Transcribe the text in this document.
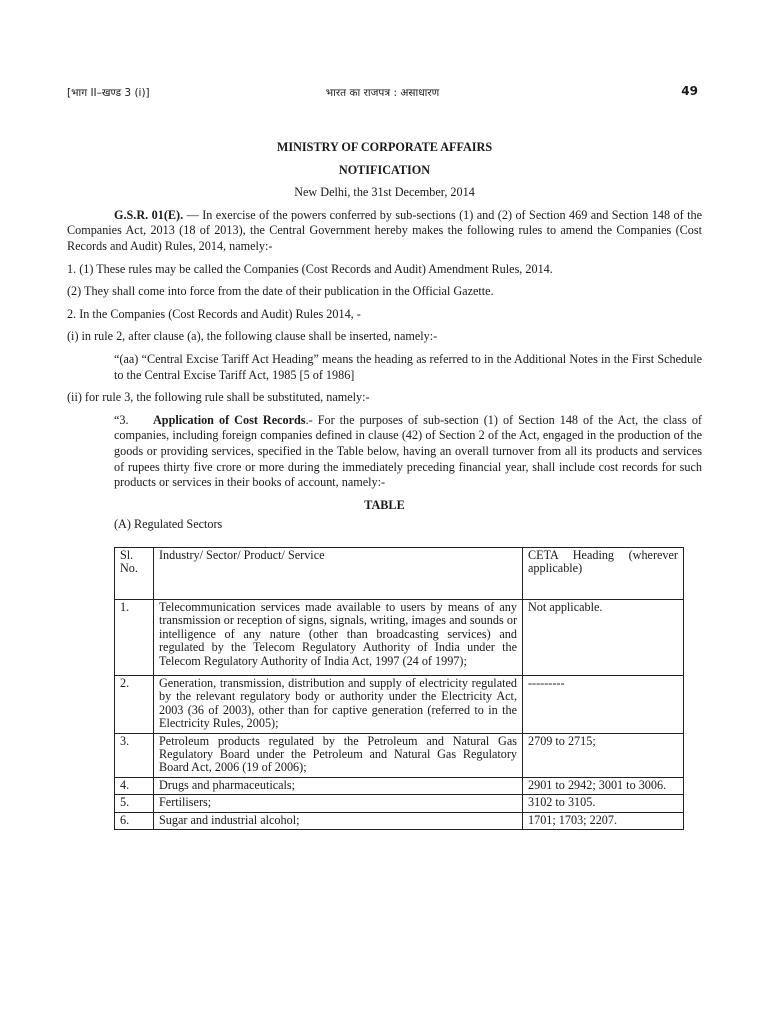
[भाग II–खण्ड 3 (i)]	भारत का राजपत्र : असाधारण	49

MINISTRY OF CORPORATE AFFAIRS

NOTIFICATION

New Delhi, the 31st December, 2014

G.S.R. 01(E). — In exercise of the powers conferred by sub-sections (1) and (2) of Section 469 and Section 148 of the Companies Act, 2013 (18 of 2013), the Central Government hereby makes the following rules to amend the Companies (Cost Records and Audit) Rules, 2014, namely:-

1. (1) These rules may be called the Companies (Cost Records and Audit) Amendment Rules, 2014.

(2) They shall come into force from the date of their publication in the Official Gazette.

2. In the Companies (Cost Records and Audit) Rules 2014, -

(i) in rule 2, after clause (a), the following clause shall be inserted, namely:-

“(aa) “Central Excise Tariff Act Heading” means the heading as referred to in the Additional Notes in the First Schedule to the Central Excise Tariff Act, 1985 [5 of 1986]

(ii) for rule 3, the following rule shall be substituted, namely:-

“3. Application of Cost Records.- For the purposes of sub-section (1) of Section 148 of the Act, the class of companies, including foreign companies defined in clause (42) of Section 2 of the Act, engaged in the production of the goods or providing services, specified in the Table below, having an overall turnover from all its products and services of rupees thirty five crore or more during the immediately preceding financial year, shall include cost records for such products or services in their books of account, namely:-

TABLE

(A) Regulated Sectors

Sl. No.	Industry/ Sector/ Product/ Service	CETA Heading (wherever applicable)
1.	Telecommunication services made available to users by means of any transmission or reception of signs, signals, writing, images and sounds or intelligence of any nature (other than broadcasting services) and regulated by the Telecom Regulatory Authority of India under the Telecom Regulatory Authority of India Act, 1997 (24 of 1997);	Not applicable.
2.	Generation, transmission, distribution and supply of electricity regulated by the relevant regulatory body or authority under the Electricity Act, 2003 (36 of 2003), other than for captive generation (referred to in the Electricity Rules, 2005);	---------
3.	Petroleum products regulated by the Petroleum and Natural Gas Regulatory Board under the Petroleum and Natural Gas Regulatory Board Act, 2006 (19 of 2006);	2709 to 2715;
4.	Drugs and pharmaceuticals;	2901 to 2942; 3001 to 3006.
5.	Fertilisers;	3102 to 3105.
6.	Sugar and industrial alcohol;	1701; 1703; 2207.
